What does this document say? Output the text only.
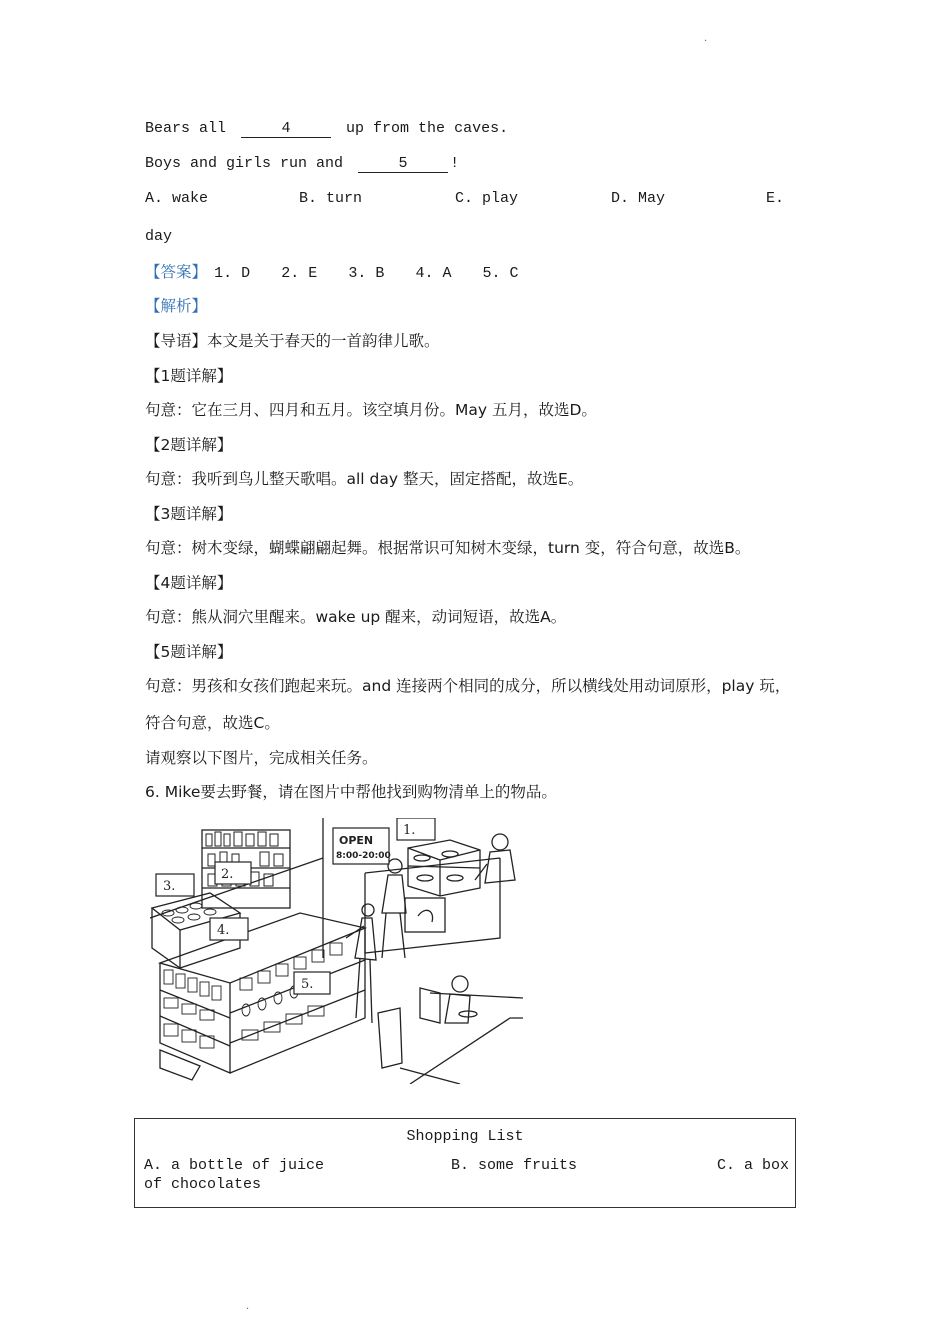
·
Bears all	4	up from the caves.
Boys and girls run and	5	!
A. wake	B. turn	C. play	D. May	E.
day
【答案】 1. D 2. E 3. B 4. A 5. C
【解析】
【导语】本文是关于春天的一首韵律儿歌。
【1题详解】
句意：它在三月、四月和五月。该空填月份。May 五月，故选D。
【2题详解】
句意：我听到鸟儿整天歌唱。all day 整天，固定搭配，故选E。
【3题详解】
句意：树木变绿，蝴蝶翩翩起舞。根据常识可知树木变绿，turn 变，符合句意，故选B。
【4题详解】
句意：熊从洞穴里醒来。wake up 醒来，动词短语，故选A。
【5题详解】
句意：男孩和女孩们跑起来玩。and 连接两个相同的成分，所以横线处用动词原形，play 玩，
符合句意，故选C。
请观察以下图片，完成相关任务。
6. Mike要去野餐，请在图片中帮他找到购物清单上的物品。
OPEN
8:00-20:00
1.
2.
3.
4.
5.
Shopping List
A. a bottle of juice	B. some fruits	C. a box
of chocolates
·
